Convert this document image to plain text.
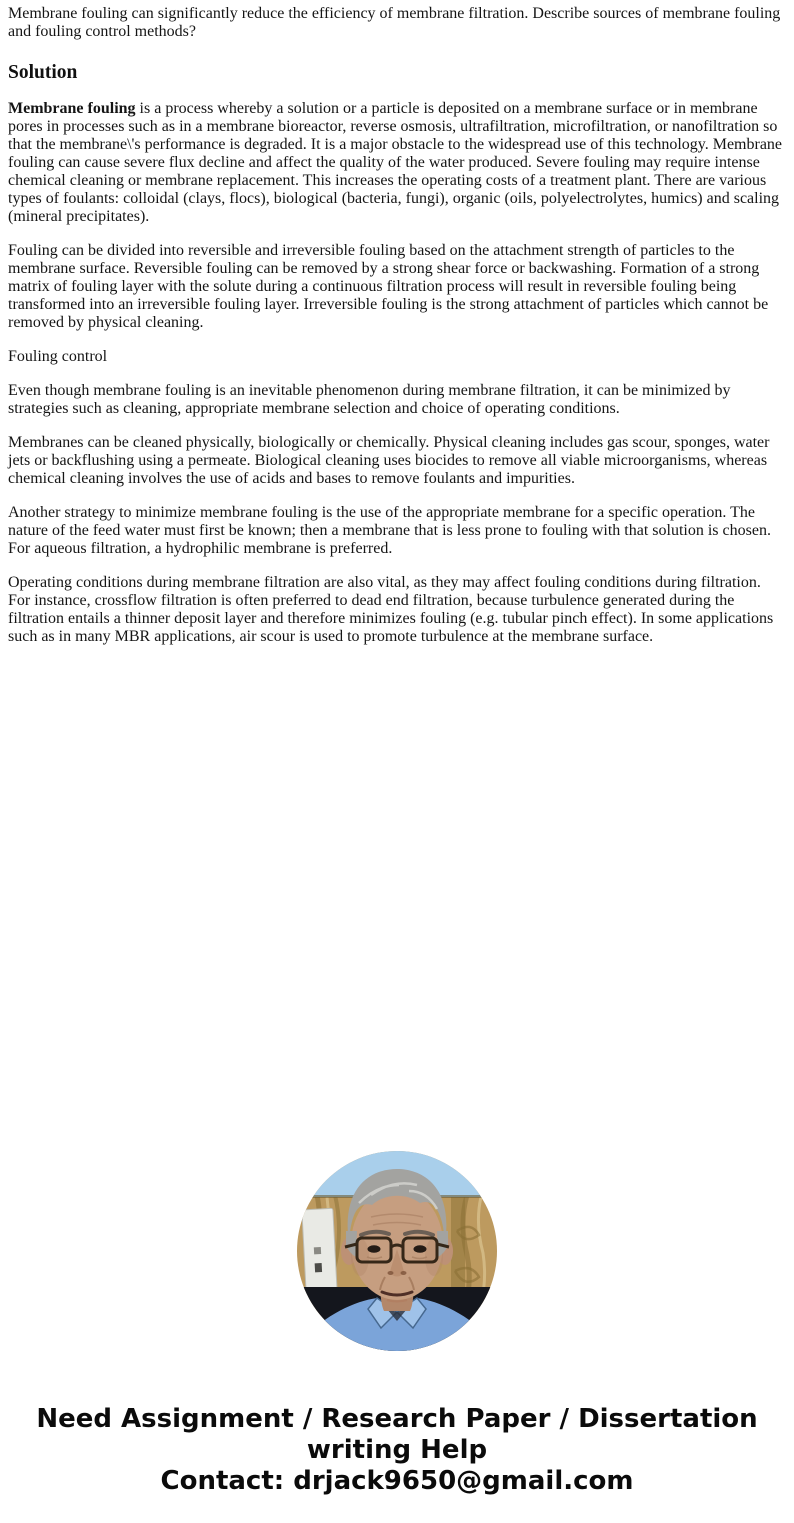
Membrane fouling can significantly reduce the efficiency of membrane filtration. Describe sources of membrane fouling and fouling control methods?

Solution

Membrane fouling is a process whereby a solution or a particle is deposited on a membrane surface or in membrane pores in processes such as in a membrane bioreactor, reverse osmosis, ultrafiltration, microfiltration, or nanofiltration so that the membrane\'s performance is degraded. It is a major obstacle to the widespread use of this technology. Membrane fouling can cause severe flux decline and affect the quality of the water produced. Severe fouling may require intense chemical cleaning or membrane replacement. This increases the operating costs of a treatment plant. There are various types of foulants: colloidal (clays, flocs), biological (bacteria, fungi), organic (oils, polyelectrolytes, humics) and scaling (mineral precipitates).

Fouling can be divided into reversible and irreversible fouling based on the attachment strength of particles to the membrane surface. Reversible fouling can be removed by a strong shear force or backwashing. Formation of a strong matrix of fouling layer with the solute during a continuous filtration process will result in reversible fouling being transformed into an irreversible fouling layer. Irreversible fouling is the strong attachment of particles which cannot be removed by physical cleaning.

Fouling control

Even though membrane fouling is an inevitable phenomenon during membrane filtration, it can be minimized by strategies such as cleaning, appropriate membrane selection and choice of operating conditions.

Membranes can be cleaned physically, biologically or chemically. Physical cleaning includes gas scour, sponges, water jets or backflushing using a permeate. Biological cleaning uses biocides to remove all viable microorganisms, whereas chemical cleaning involves the use of acids and bases to remove foulants and impurities.

Another strategy to minimize membrane fouling is the use of the appropriate membrane for a specific operation. The nature of the feed water must first be known; then a membrane that is less prone to fouling with that solution is chosen. For aqueous filtration, a hydrophilic membrane is preferred.

Operating conditions during membrane filtration are also vital, as they may affect fouling conditions during filtration. For instance, crossflow filtration is often preferred to dead end filtration, because turbulence generated during the filtration entails a thinner deposit layer and therefore minimizes fouling (e.g. tubular pinch effect). In some applications such as in many MBR applications, air scour is used to promote turbulence at the membrane surface.

Need Assignment / Research Paper / Dissertation
writing Help
Contact: drjack9650@gmail.com
